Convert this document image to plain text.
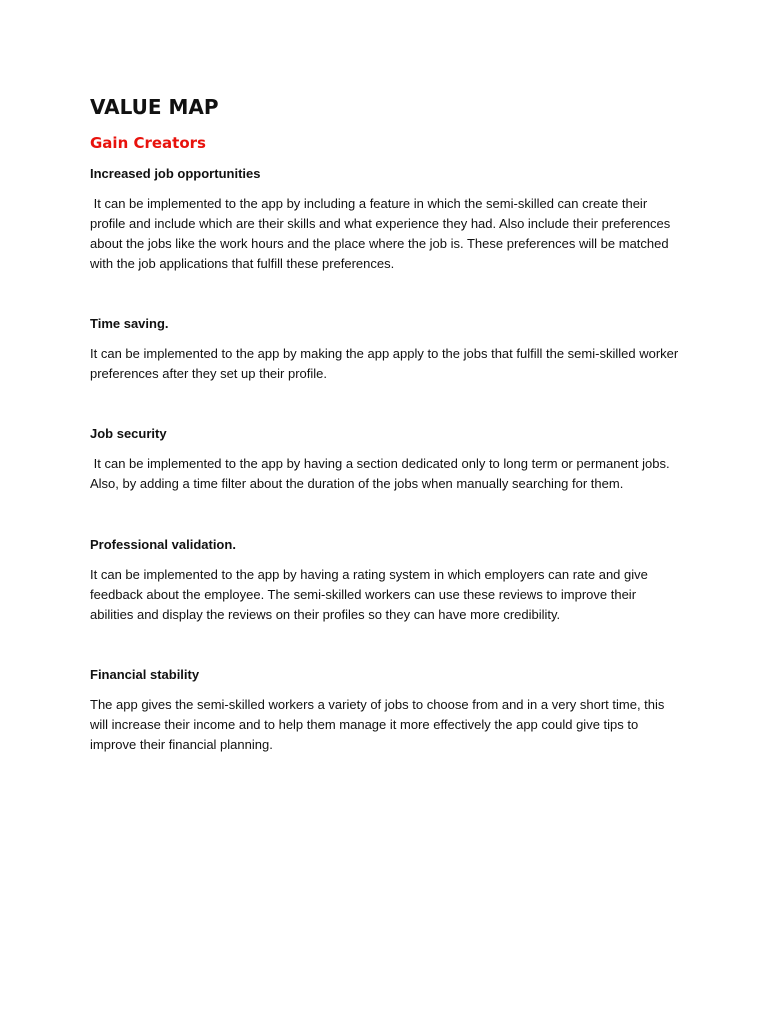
VALUE MAP
Gain Creators
Increased job opportunities
It can be implemented to the app by including a feature in which the semi-skilled can create their profile and include which are their skills and what experience they had. Also include their preferences about the jobs like the work hours and the place where the job is. These preferences will be matched with the job applications that fulfill these preferences.
Time saving.
It can be implemented to the app by making the app apply to the jobs that fulfill the semi-skilled worker preferences after they set up their profile.
Job security
It can be implemented to the app by having a section dedicated only to long term or permanent jobs. Also, by adding a time filter about the duration of the jobs when manually searching for them.
Professional validation.
It can be implemented to the app by having a rating system in which employers can rate and give feedback about the employee. The semi-skilled workers can use these reviews to improve their abilities and display the reviews on their profiles so they can have more credibility.
Financial stability
The app gives the semi-skilled workers a variety of jobs to choose from and in a very short time, this will increase their income and to help them manage it more effectively the app could give tips to improve their financial planning.
